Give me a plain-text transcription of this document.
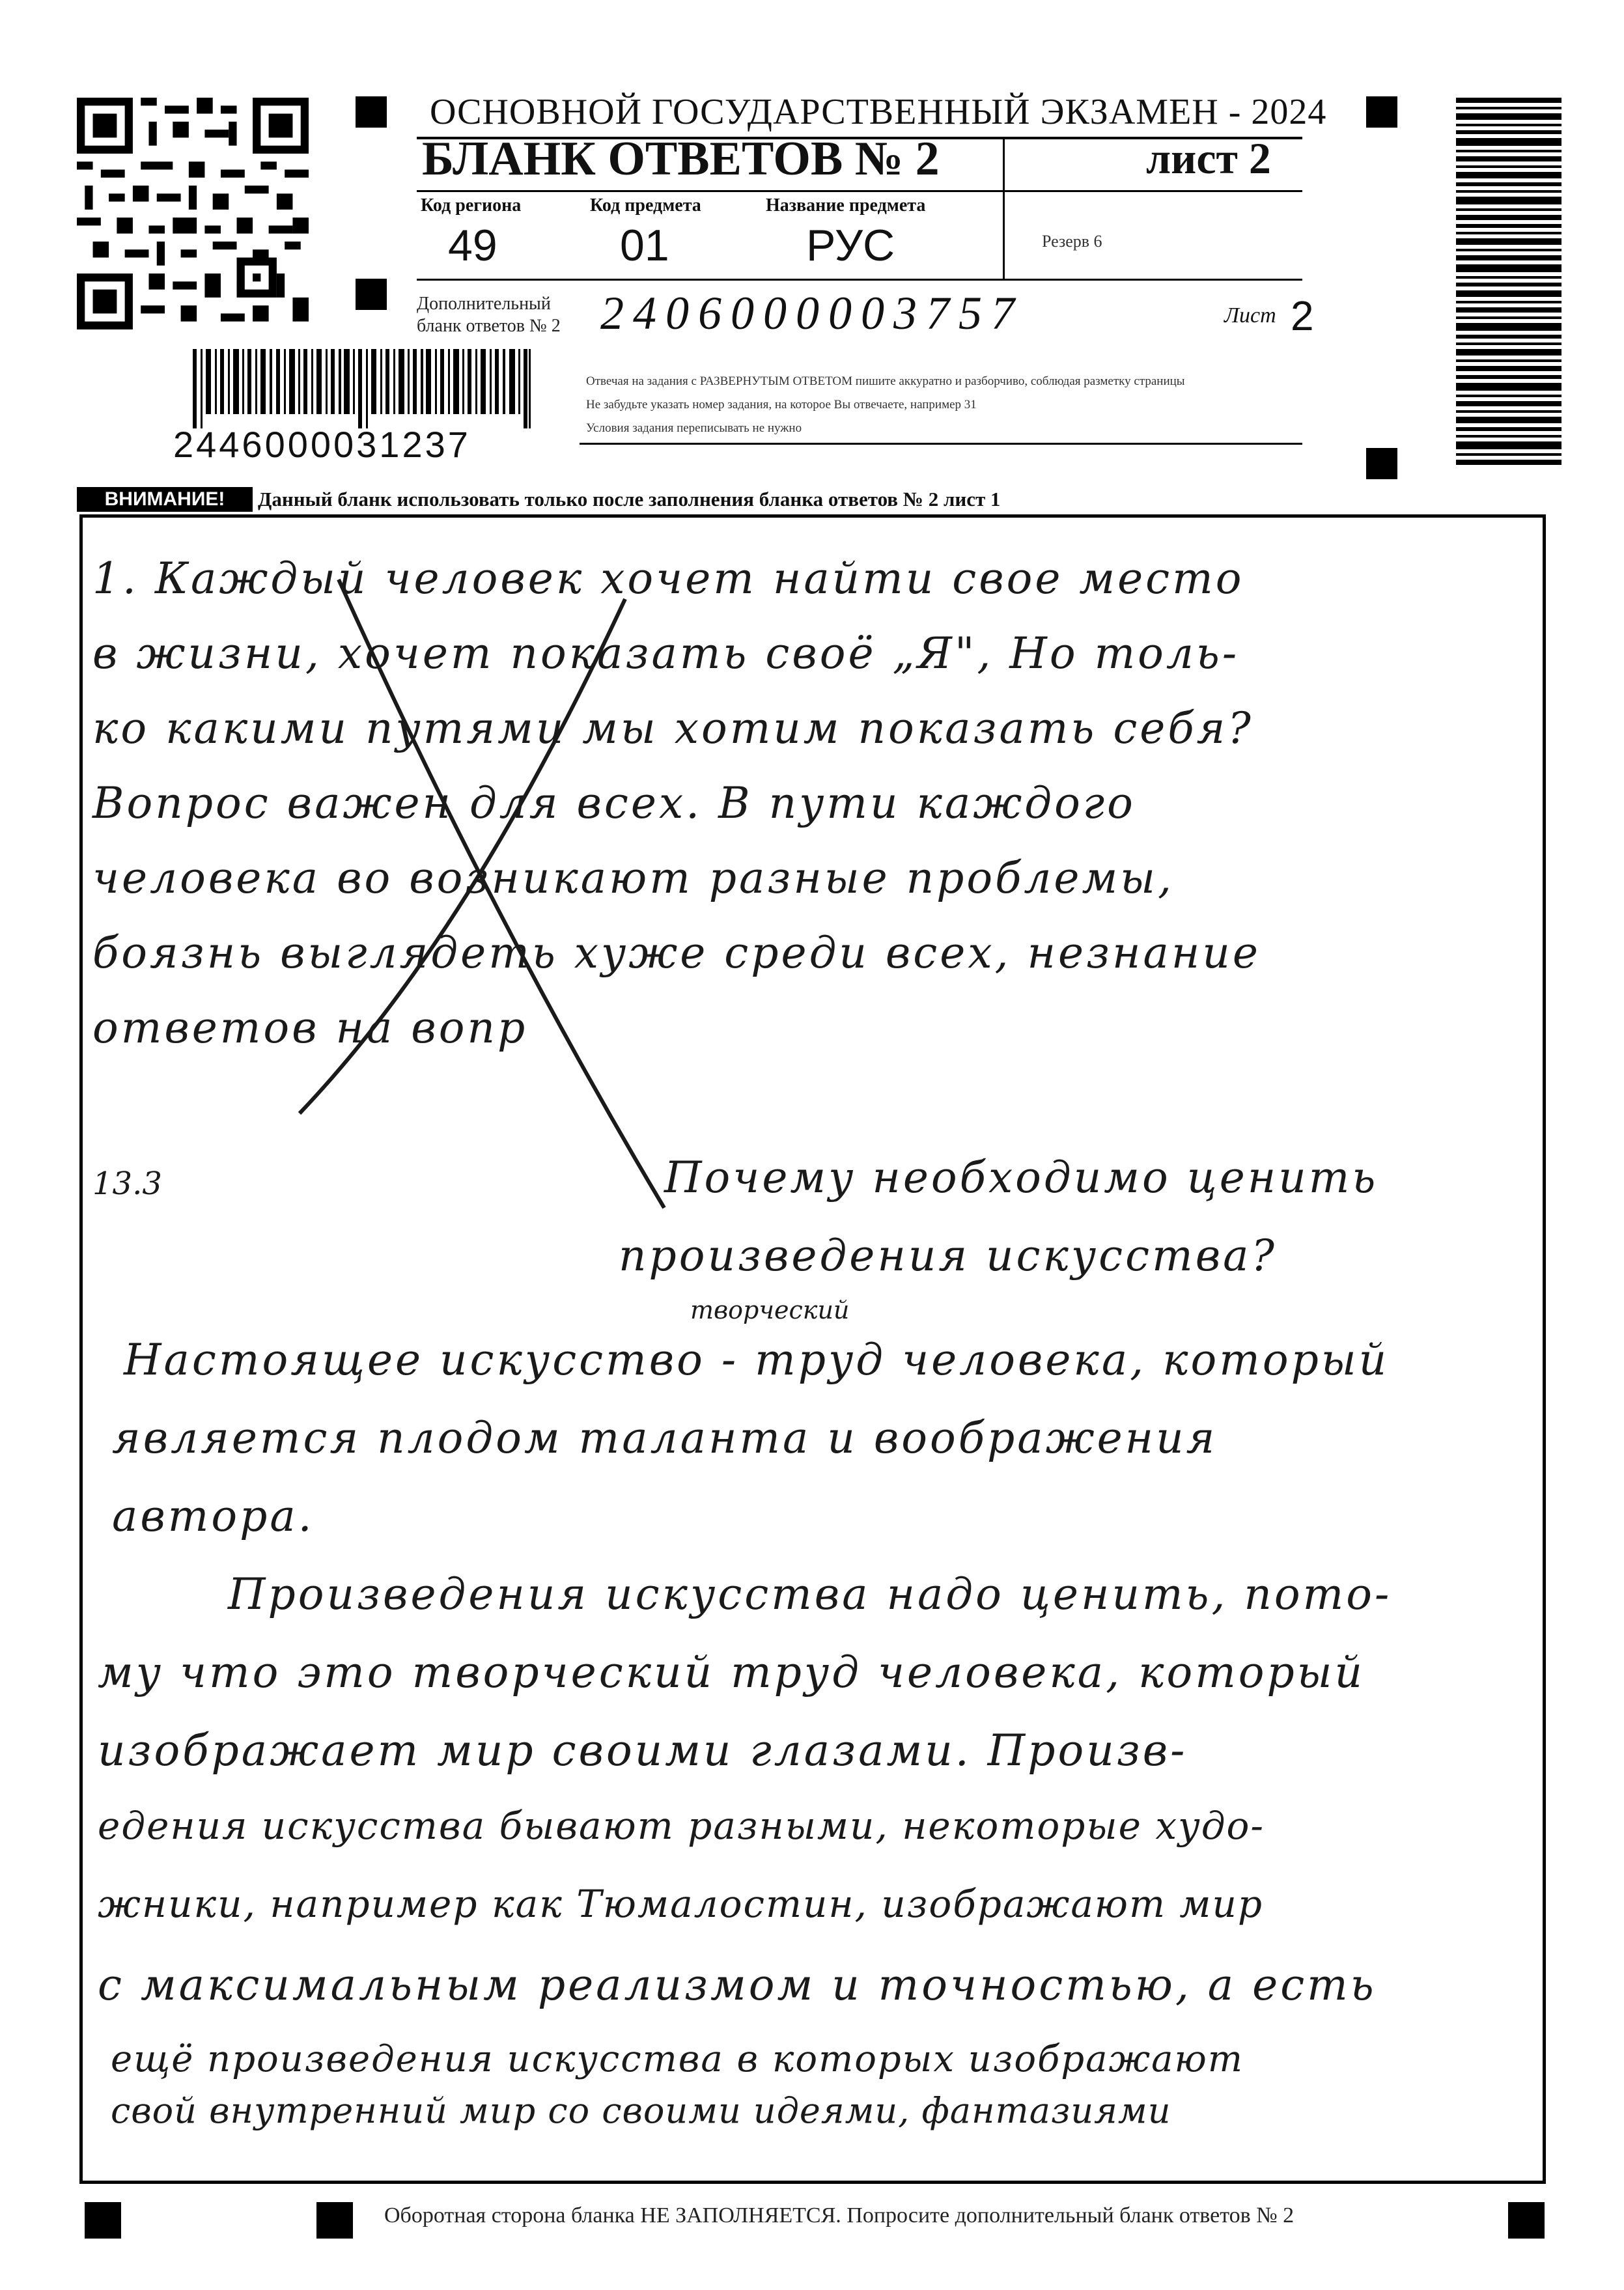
ОСНОВНОЙ ГОСУДАРСТВЕННЫЙ ЭКЗАМЕН - 2024
БЛАНК ОТВЕТОВ № 2	лист 2
Код региона
49
Код предмета
01
Название предмета
РУС	Резерв 6
Дополнительный
бланк ответов № 2 2406000003757	Лист 2
Отвечая на задания с РАЗВЕРНУТЫМ ОТВЕТОМ пишите аккуратно и разборчиво, соблюдая разметку страницы
Не забудьте указать номер задания, на которое Вы отвечаете, например 31
Условия задания переписывать не нужно
2446000031237
ВНИМАНИЕ!	Данный бланк использовать только после заполнения бланка ответов № 2 лист 1
1. Каждый человек хочет найти свое место
в жизни, хочет показать своё „Я", Но толь-
ко какими путями мы хотим показать себя?
Вопрос важен для всех. В пути каждого
человека во возникают разные проблемы,
боязнь выглядеть хуже среди всех, незнание
ответов на вопр
13.3	Почему необходимо ценить
произведения искусства?
творческий
Настоящее искусство - труд человека, который
является плодом таланта и воображения
автора.
Произведения искусства надо ценить, пото-
му что это творческий труд человека, который
изображает мир своими глазами. Произв-
едения искусства бывают разными, некоторые худо-
жники, например как Тюмалостин, изображают мир
с максимальным реализмом и точностью, а есть
ещё произведения искусства в которых изображают
свой внутренний мир со своими идеями, фантазиями
Оборотная сторона бланка НЕ ЗАПОЛНЯЕТСЯ. Попросите дополнительный бланк ответов № 2
